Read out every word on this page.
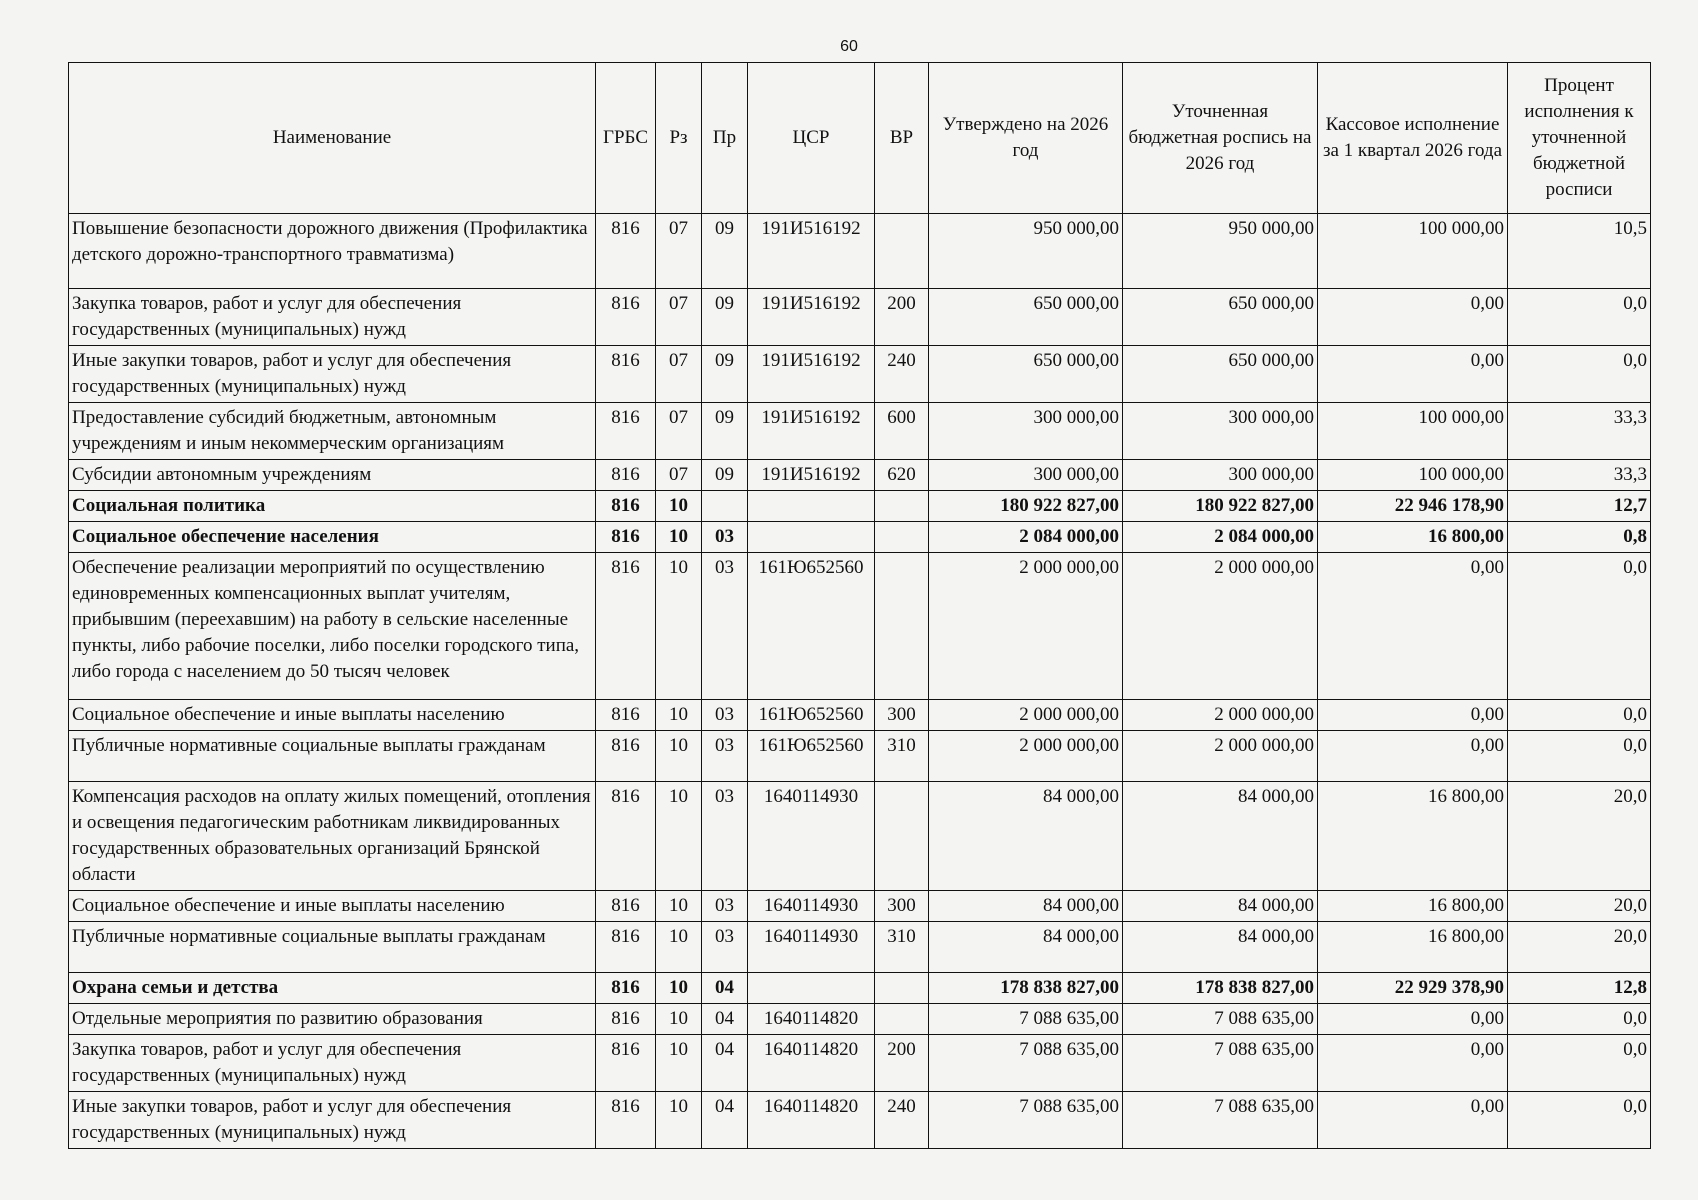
60
Наименование	ГРБС	Рз	Пр	ЦСР	ВР	Утверждено на 2026 год	Уточненная бюджетная роспись на 2026 год	Кассовое исполнение за 1 квартал 2026 года	Процент исполнения к уточненной бюджетной росписи
Повышение безопасности дорожного движения (Профилактика детского дорожно-транспортного травматизма)	816	07	09	191И516192		950 000,00	950 000,00	100 000,00	10,5
Закупка товаров, работ и услуг для обеспечения государственных (муниципальных) нужд	816	07	09	191И516192	200	650 000,00	650 000,00	0,00	0,0
Иные закупки товаров, работ и услуг для обеспечения государственных (муниципальных) нужд	816	07	09	191И516192	240	650 000,00	650 000,00	0,00	0,0
Предоставление субсидий бюджетным, автономным учреждениям и иным некоммерческим организациям	816	07	09	191И516192	600	300 000,00	300 000,00	100 000,00	33,3
Субсидии автономным учреждениям	816	07	09	191И516192	620	300 000,00	300 000,00	100 000,00	33,3
Социальная политика	816	10				180 922 827,00	180 922 827,00	22 946 178,90	12,7
Социальное обеспечение населения	816	10	03			2 084 000,00	2 084 000,00	16 800,00	0,8
Обеспечение реализации мероприятий по осуществлению единовременных компенсационных выплат учителям, прибывшим (переехавшим) на работу в сельские населенные пункты, либо рабочие поселки, либо поселки городского типа, либо города с населением до 50 тысяч человек	816	10	03	161Ю652560		2 000 000,00	2 000 000,00	0,00	0,0
Социальное обеспечение и иные выплаты населению	816	10	03	161Ю652560	300	2 000 000,00	2 000 000,00	0,00	0,0
Публичные нормативные социальные выплаты гражданам	816	10	03	161Ю652560	310	2 000 000,00	2 000 000,00	0,00	0,0
Компенсация расходов на оплату жилых помещений, отопления и освещения педагогическим работникам ликвидированных государственных образовательных организаций Брянской области	816	10	03	1640114930		84 000,00	84 000,00	16 800,00	20,0
Социальное обеспечение и иные выплаты населению	816	10	03	1640114930	300	84 000,00	84 000,00	16 800,00	20,0
Публичные нормативные социальные выплаты гражданам	816	10	03	1640114930	310	84 000,00	84 000,00	16 800,00	20,0
Охрана семьи и детства	816	10	04			178 838 827,00	178 838 827,00	22 929 378,90	12,8
Отдельные мероприятия по развитию образования	816	10	04	1640114820		7 088 635,00	7 088 635,00	0,00	0,0
Закупка товаров, работ и услуг для обеспечения государственных (муниципальных) нужд	816	10	04	1640114820	200	7 088 635,00	7 088 635,00	0,00	0,0
Иные закупки товаров, работ и услуг для обеспечения государственных (муниципальных) нужд	816	10	04	1640114820	240	7 088 635,00	7 088 635,00	0,00	0,0
